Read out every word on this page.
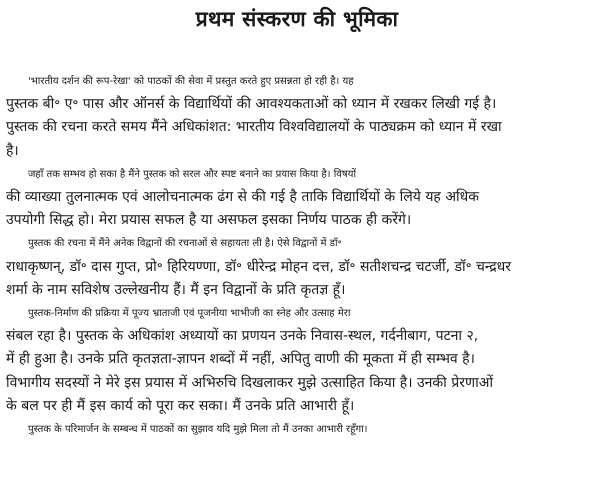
प्रथम संस्करण की भूमिका
'भारतीय दर्शन की रूप-रेखा' को पाठकों की सेवा में प्रस्तुत करते हुए प्रसन्नता हो रही है। यह
पुस्तक बी॰ ए॰ पास और ऑनर्स के विद्यार्थियों की आवश्यकताओं को ध्यान में रखकर लिखी गई है।
पुस्तक की रचना करते समय मैंने अधिकांशत: भारतीय विश्वविद्यालयों के पाठ्यक्रम को ध्यान में रखा
है।
जहाँ तक सम्भव हो सका है मैंने पुस्तक को सरल और स्पष्ट बनाने का प्रयास किया है। विषयों
की व्याख्या तुलनात्मक एवं आलोचनात्मक ढंग से की गई है ताकि विद्यार्थियों के लिये यह अधिक
उपयोगी सिद्ध हो। मेरा प्रयास सफल है या असफल इसका निर्णय पाठक ही करेंगे।
पुस्तक की रचना में मैंने अनेक विद्वानों की रचनाओं से सहायता ली है। ऐसे विद्वानों में डॉ॰
राधाकृष्णन्, डॉ॰ दास गुप्त, प्रो॰ हिरियण्णा, डॉ॰ धीरेन्द्र मोहन दत्त, डॉ॰ सतीशचन्द्र चटर्जी, डॉ॰ चन्द्रधर
शर्मा के नाम सविशेष उल्लेखनीय हैं। मैं इन विद्वानों के प्रति कृतज्ञ हूँ।
पुस्तक-निर्माण की प्रक्रिया में पूज्य भ्राताजी एवं पूजनीया भाभीजी का स्नेह और उत्साह मेरा
संबल रहा है। पुस्तक के अधिकांश अध्यायों का प्रणयन उनके निवास-स्थल, गर्दनीबाग, पटना २,
में ही हुआ है। उनके प्रति कृतज्ञता-ज्ञापन शब्दों में नहीं, अपितु वाणी की मूकता में ही सम्भव है।
विभागीय सदस्यों ने मेरे इस प्रयास में अभिरुचि दिखलाकर मुझे उत्साहित किया है। उनकी प्रेरणाओं
के बल पर ही मैं इस कार्य को पूरा कर सका। मैं उनके प्रति आभारी हूँ।
पुस्तक के परिमार्जन के सम्बन्ध में पाठकों का सुझाव यदि मुझे मिला तो मैं उनका आभारी रहूँगा।
